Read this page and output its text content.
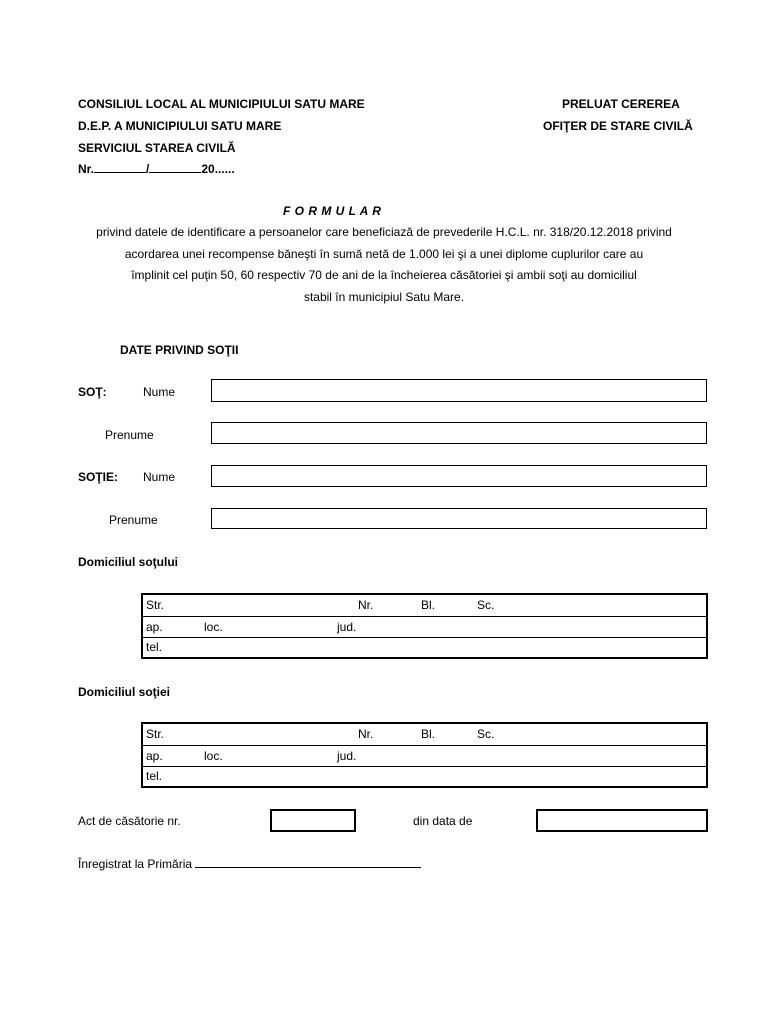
CONSILIUL LOCAL AL MUNICIPIULUI SATU MARE
D.E.P. A MUNICIPIULUI SATU MARE
SERVICIUL STAREA CIVILĂ
Nr.	/	20......
PRELUAT CEREREA
OFIŢER DE STARE CIVILĂ
F O R M U L A R
privind datele de identificare a persoanelor care beneficiază de prevederile H.C.L. nr. 318/20.12.2018 privind
acordarea unei recompense băneşti în sumă netă de 1.000 lei şi a unei diplome cuplurilor care au
împlinit cel puţin 50, 60 respectiv 70 de ani de la încheierea căsătoriei şi ambii soţi au domiciliul
stabil în municipiul Satu Mare.
DATE PRIVIND SOŢII
SOŢ:	Nume
Prenume
SOŢIE: Nume
Prenume
Domiciliul soţului
Str.	Nr.	Bl.	Sc.
ap.	loc.	jud.
tel.
Domiciliul soţiei
Str.	Nr.	Bl.	Sc.
ap.	loc.	jud.
tel.
Act de căsătorie nr.	din data de
Înregistrat la Primăria
